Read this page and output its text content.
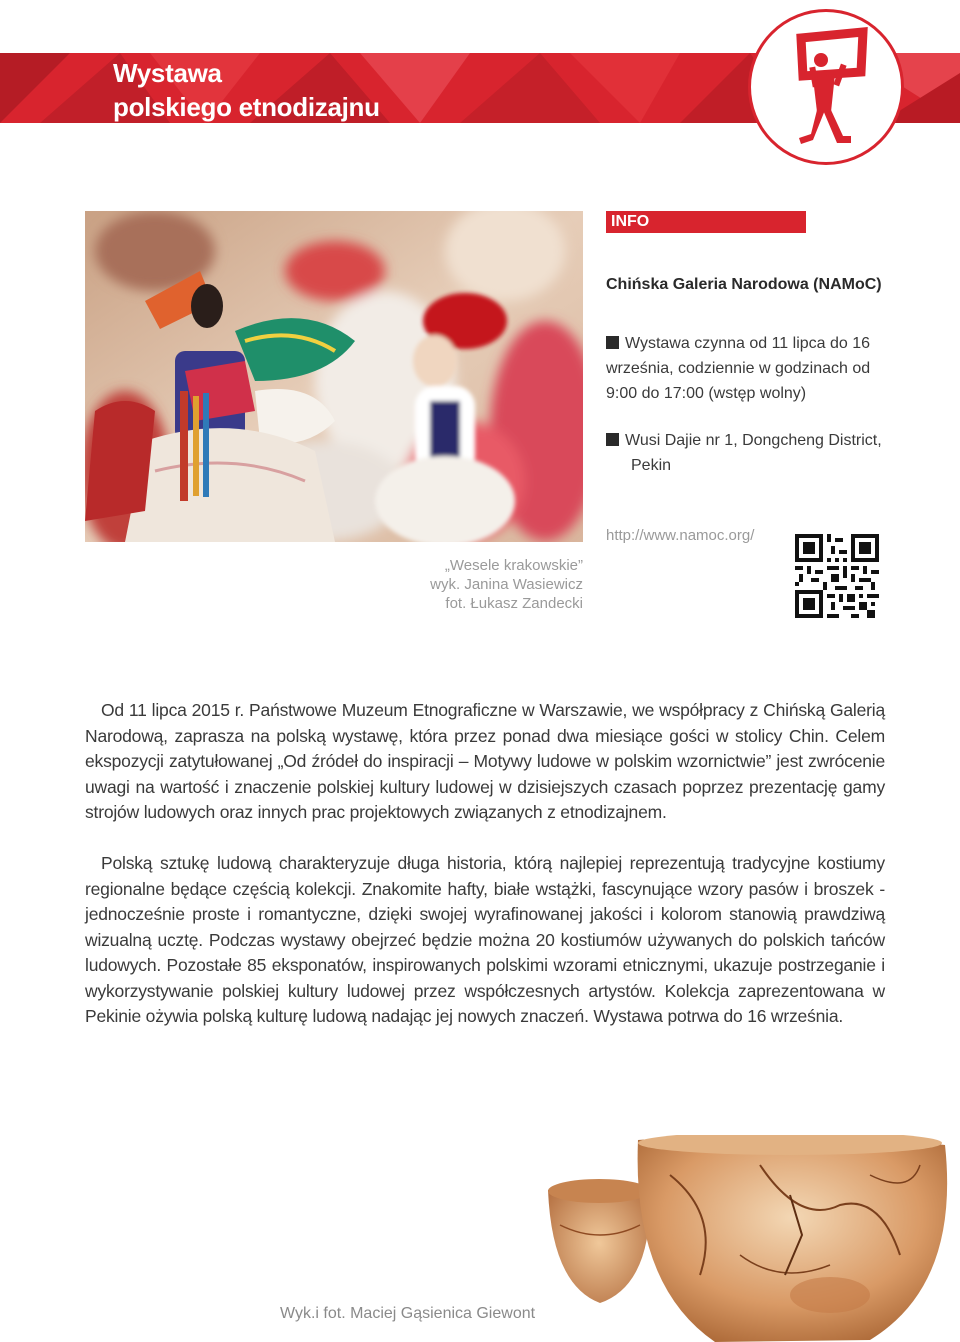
Wystawa
polskiego etnodizajnu
„Wesele krakowskie”
wyk. Janina Wasiewicz
fot. Łukasz Zandecki
INFO
Chińska Galeria Narodowa (NAMoC)
Wystawa czynna od 11 lipca do 16 września, codziennie w godzinach od 9:00 do 17:00 (wstęp wolny)
Wusi Dajie nr 1, Dongcheng District,
Pekin
http://www.namoc.org/
Od 11 lipca 2015 r. Państwowe Muzeum Etnograficzne w Warszawie, we współpracy z Chińską Galerią Narodową, zaprasza na polską wystawę, która przez ponad dwa miesiące gości w stolicy Chin. Celem ekspozycji zatytułowanej „Od źródeł do inspiracji – Motywy ludowe w polskim wzornictwie” jest zwrócenie uwagi na wartość i znaczenie polskiej kultury ludowej w dzisiejszych czasach poprzez prezentację gamy strojów ludowych oraz innych prac projektowych związanych z etnodizajnem.
Polską sztukę ludową charakteryzuje długa historia, którą najlepiej reprezentują tradycyjne kostiumy regionalne będące częścią kolekcji. Znakomite hafty, białe wstążki, fascynujące wzory pasów i broszek - jednocześnie proste i romantyczne, dzięki swojej wyrafinowanej jakości i kolorom stanowią prawdziwą wizualną ucztę. Podczas wystawy obejrzeć będzie można 20 kostiumów używanych do polskich tańców ludowych. Pozostałe 85 eksponatów, inspirowanych polskimi wzorami etnicznymi, ukazuje postrzeganie i wykorzystywanie polskiej kultury ludowej przez współczesnych artystów. Kolekcja zaprezentowana w Pekinie ożywia polską kulturę ludową nadając jej nowych znaczeń. Wystawa potrwa do 16 września.
Wyk.i fot. Maciej Gąsienica Giewont
